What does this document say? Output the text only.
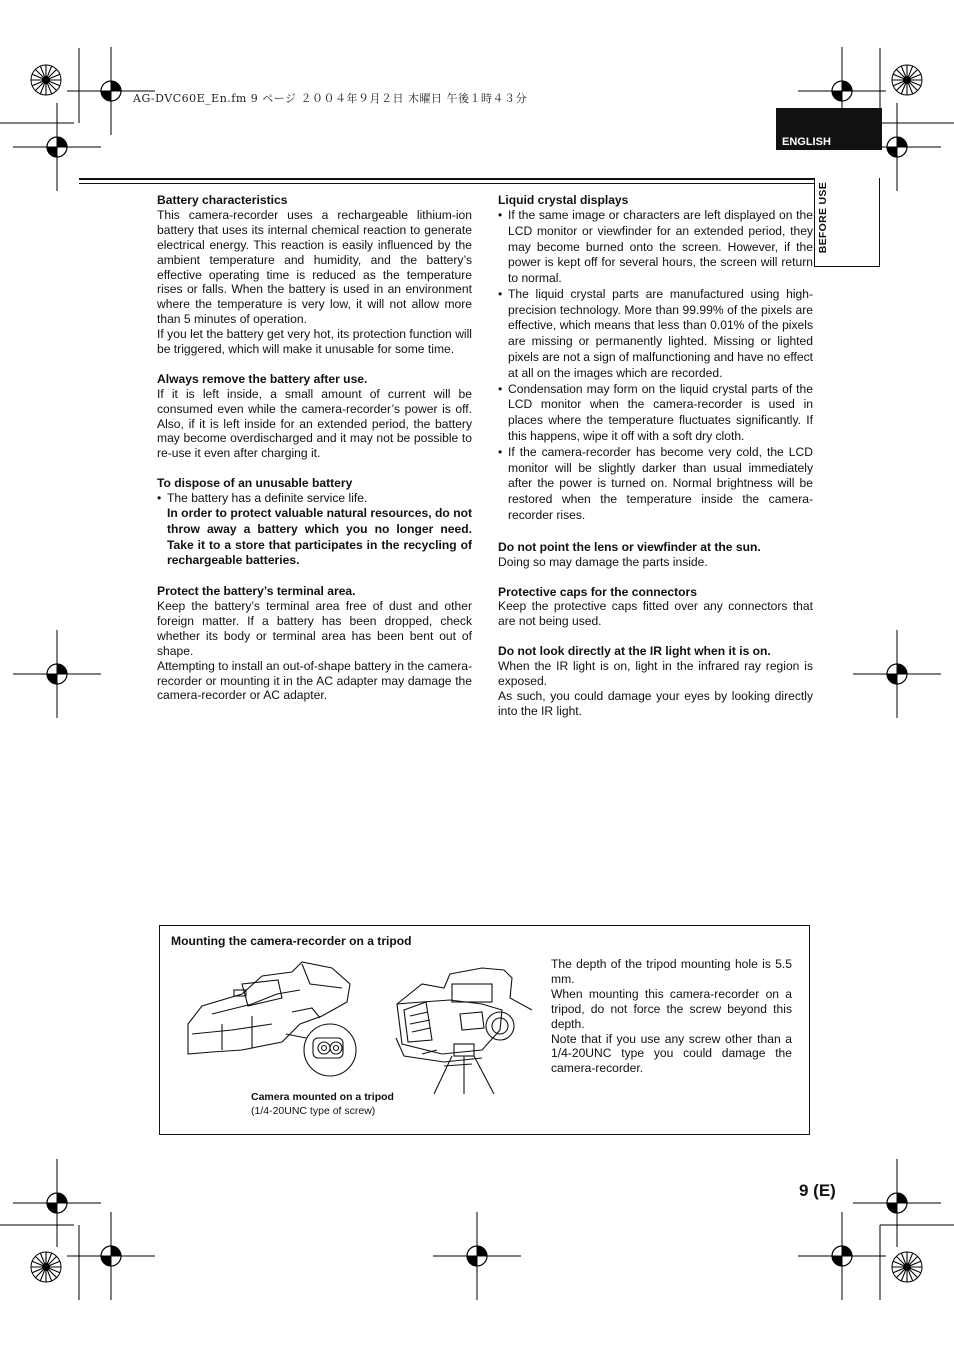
AG-DVC60E_En.fm 9 ページ ２００４年９月２日 木曜日 午後１時４３分
ENGLISH
BEFORE USE
Battery characteristics

This camera-recorder uses a rechargeable lithium-ion battery that uses its internal chemical reaction to generate electrical energy. This reaction is easily influenced by the ambient temperature and humidity, and the battery’s effective operating time is reduced as the temperature rises or falls. When the battery is used in an environment where the temperature is very low, it will not allow more than 5 minutes of operation.

If you let the battery get very hot, its protection function will be triggered, which will make it unusable for some time.

Always remove the battery after use.

If it is left inside, a small amount of current will be consumed even while the camera-recorder’s power is off. Also, if it is left inside for an extended period, the battery may become overdischarged and it may not be possible to re-use it even after charging it.

To dispose of an unusable battery

• The battery has a definite service life.

In order to protect valuable natural resources, do not throw away a battery which you no longer need. Take it to a store that participates in the recycling of rechargeable batteries.

Protect the battery’s terminal area.

Keep the battery’s terminal area free of dust and other foreign matter. If a battery has been dropped, check whether its body or terminal area has been bent out of shape.

Attempting to install an out-of-shape battery in the camera-recorder or mounting it in the AC adapter may damage the camera-recorder or AC adapter.

Liquid crystal displays

• If the same image or characters are left displayed on the LCD monitor or viewfinder for an extended period, they may become burned onto the screen. However, if the power is kept off for several hours, the screen will return to normal.

• The liquid crystal parts are manufactured using high-precision technology. More than 99.99% of the pixels are effective, which means that less than 0.01% of the pixels are missing or permanently lighted. Missing or lighted pixels are not a sign of malfunctioning and have no effect at all on the images which are recorded.

• Condensation may form on the liquid crystal parts of the LCD monitor when the camera-recorder is used in places where the temperature fluctuates significantly. If this happens, wipe it off with a soft dry cloth.

• If the camera-recorder has become very cold, the LCD monitor will be slightly darker than usual immediately after the power is turned on. Normal brightness will be restored when the temperature inside the camera-recorder rises.

Do not point the lens or viewfinder at the sun.

Doing so may damage the parts inside.

Protective caps for the connectors

Keep the protective caps fitted over any connectors that are not being used.

Do not look directly at the IR light when it is on.

When the IR light is on, light in the infrared ray region is exposed.

As such, you could damage your eyes by looking directly into the IR light.

Mounting the camera-recorder on a tripod
Camera mounted on a tripod
(1/4-20UNC type of screw)
The depth of the tripod mounting hole is 5.5 mm.
When mounting this camera-recorder on a tripod, do not force the screw beyond this depth.
Note that if you use any screw other than a 1/4-20UNC type you could damage the camera-recorder.
9 (E)
